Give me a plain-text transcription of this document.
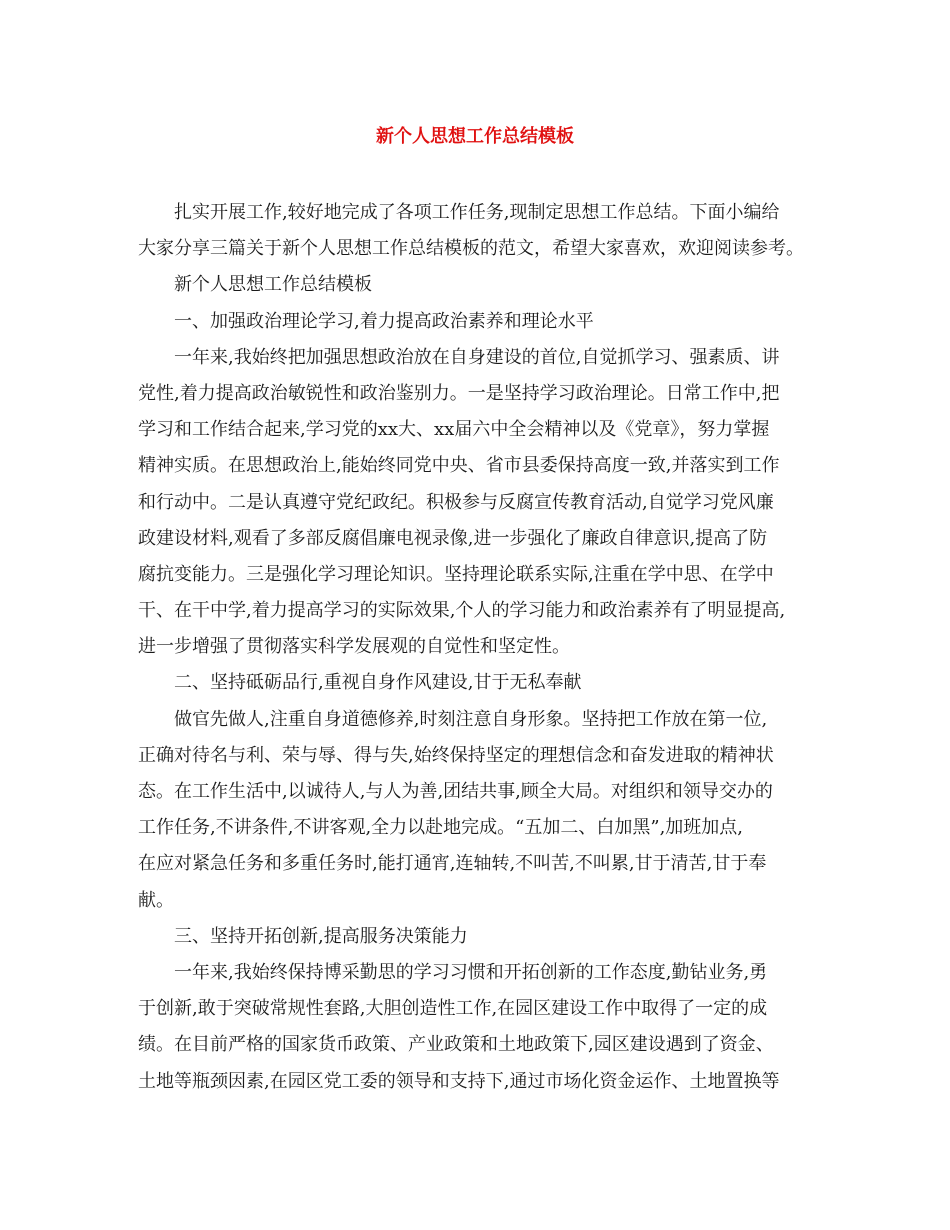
新个人思想工作总结模板
扎实开展工作,较好地完成了各项工作任务,现制定思想工作总结。下面小编给
大家分享三篇关于新个人思想工作总结模板的范文，希望大家喜欢，欢迎阅读参考。
新个人思想工作总结模板
一、加强政治理论学习,着力提高政治素养和理论水平
一年来,我始终把加强思想政治放在自身建设的首位,自觉抓学习、强素质、讲
党性,着力提高政治敏锐性和政治鉴别力。一是坚持学习政治理论。日常工作中,把
学习和工作结合起来,学习党的xx大、xx届六中全会精神以及《党章》，努力掌握
精神实质。在思想政治上,能始终同党中央、省市县委保持高度一致,并落实到工作
和行动中。二是认真遵守党纪政纪。积极参与反腐宣传教育活动,自觉学习党风廉
政建设材料,观看了多部反腐倡廉电视录像,进一步强化了廉政自律意识,提高了防
腐抗变能力。三是强化学习理论知识。坚持理论联系实际,注重在学中思、在学中
干、在干中学,着力提高学习的实际效果,个人的学习能力和政治素养有了明显提高,
进一步增强了贯彻落实科学发展观的自觉性和坚定性。
二、坚持砥砺品行,重视自身作风建设,甘于无私奉献
做官先做人,注重自身道德修养,时刻注意自身形象。坚持把工作放在第一位,
正确对待名与利、荣与辱、得与失,始终保持坚定的理想信念和奋发进取的精神状
态。在工作生活中,以诚待人,与人为善,团结共事,顾全大局。对组织和领导交办的
工作任务,不讲条件,不讲客观,全力以赴地完成。“五加二、白加黑”,加班加点,
在应对紧急任务和多重任务时,能打通宵,连轴转,不叫苦,不叫累,甘于清苦,甘于奉
献。
三、坚持开拓创新,提高服务决策能力
一年来,我始终保持博采勤思的学习习惯和开拓创新的工作态度,勤钻业务,勇
于创新,敢于突破常规性套路,大胆创造性工作,在园区建设工作中取得了一定的成
绩。在目前严格的国家货币政策、产业政策和土地政策下,园区建设遇到了资金、
土地等瓶颈因素,在园区党工委的领导和支持下,通过市场化资金运作、土地置换等
